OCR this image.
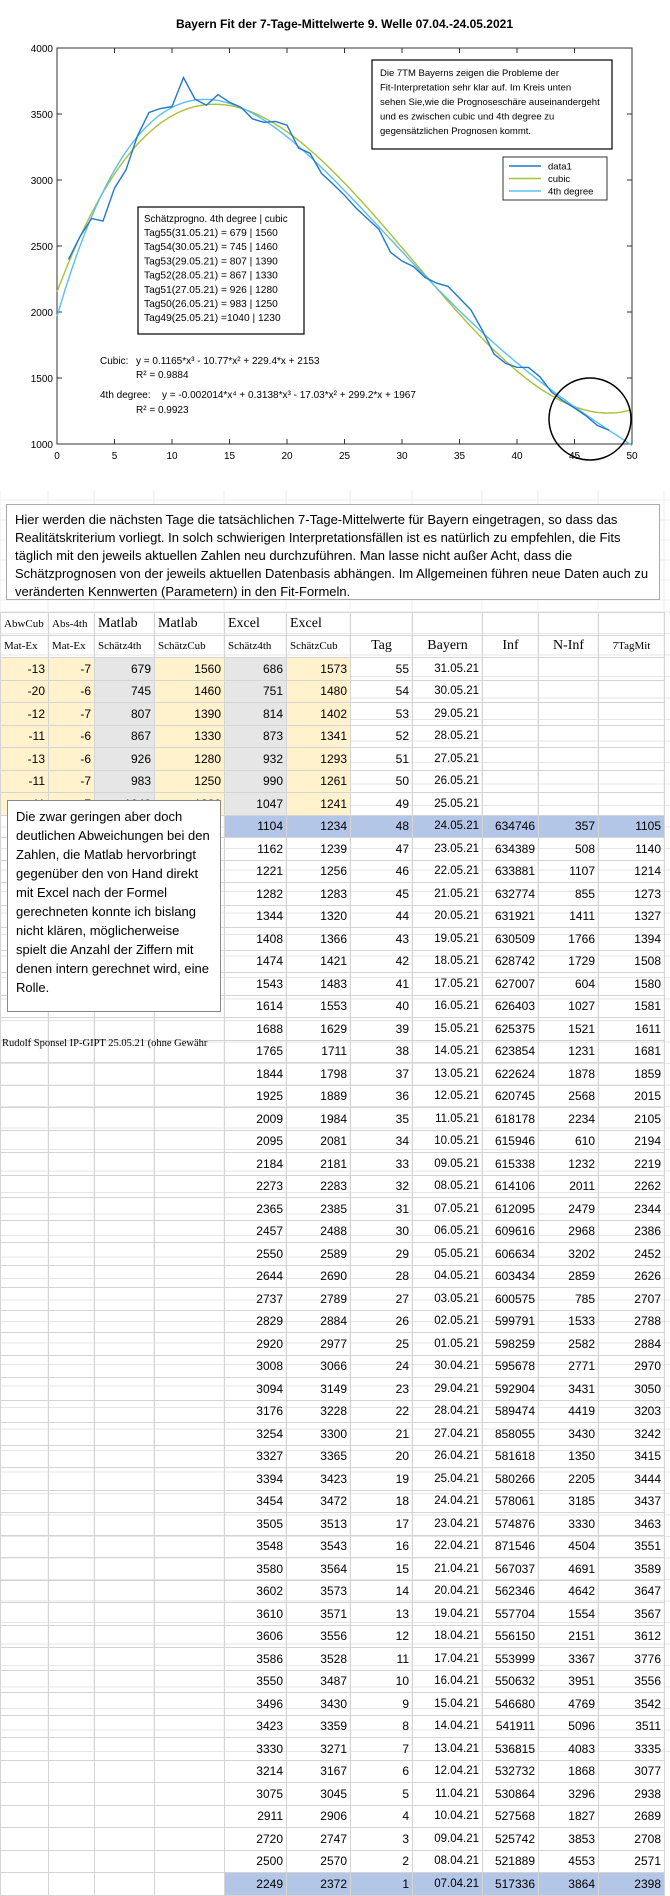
Bayern Fit der 7-Tage-Mittelwerte 9. Welle 07.04.-24.05.2021
0	5	10	15	20	25	30	35	40	45	50
1000
1500
2000
2500
3000
3500
4000
Die 7TM Bayerns zeigen die Probleme der
Fit-Interpretation sehr klar auf. Im Kreis unten
sehen Sie,wie die Prognoseschäre auseinandergeht
und es zwischen cubic und 4th degree zu
gegensätzlichen Prognosen kommt.
data1
cubic
4th degree
Schätzprogno. 4th degree | cubic
Tag55(31.05.21) = 679 | 1560
Tag54(30.05.21) = 745 | 1460
Tag53(29.05.21) = 807 | 1390
Tag52(28.05.21) = 867 | 1330
Tag51(27.05.21) = 926 | 1280
Tag50(26.05.21) = 983 | 1250
Tag49(25.05.21) =1040 | 1230
Cubic: y = 0.1165*x³ - 10.77*x² + 229.4*x + 2153
R² = 0.9884
4th degree: y = -0.002014*x⁴ + 0.3138*x³ - 17.03*x² + 299.2*x + 1967
R² = 0.9923
Hier werden die nächsten Tage die tatsächlichen 7-Tage-Mittelwerte für Bayern eingetragen, so dass das Realitätskriterium vorliegt. In solch schwierigen Interpretationsfällen ist es natürlich zu empfehlen, die Fits täglich mit den jeweils aktuellen Zahlen neu durchzuführen. Man lasse nicht außer Acht, dass die Schätzprognosen von der jeweils aktuellen Datenbasis abhängen. Im Allgemeinen führen neue Daten auch zu veränderten Kennwerten (Parametern) in den Fit-Formeln.
AbwCub	Abs-4th	Matlab	Matlab	Excel	Excel					
Mat-Ex	Mat-Ex	Schätz4th	SchätzCub	Schätz4th	SchätzCub	Tag	Bayern	Inf	N-Inf	7TagMit
-13	-7	679	1560	686	1573	55	31.05.21			
-20	-6	745	1460	751	1480	54	30.05.21			
-12	-7	807	1390	814	1402	53	29.05.21			
-11	-6	867	1330	873	1341	52	28.05.21			
-13	-6	926	1280	932	1293	51	27.05.21			
-11	-7	983	1250	990	1261	50	26.05.21			
				1047	1241	49	25.05.21			
				1104	1234	48	24.05.21	634746	357	1105
				1162	1239	47	23.05.21	634389	508	1140
				1221	1256	46	22.05.21	633881	1107	1214
				1282	1283	45	21.05.21	632774	855	1273
				1344	1320	44	20.05.21	631921	1411	1327
				1408	1366	43	19.05.21	630509	1766	1394
				1474	1421	42	18.05.21	628742	1729	1508
				1543	1483	41	17.05.21	627007	604	1580
				1614	1553	40	16.05.21	626403	1027	1581
				1688	1629	39	15.05.21	625375	1521	1611
				1765	1711	38	14.05.21	623854	1231	1681
				1844	1798	37	13.05.21	622624	1878	1859
				1925	1889	36	12.05.21	620745	2568	2015
				2009	1984	35	11.05.21	618178	2234	2105
				2095	2081	34	10.05.21	615946	610	2194
				2184	2181	33	09.05.21	615338	1232	2219
				2273	2283	32	08.05.21	614106	2011	2262
				2365	2385	31	07.05.21	612095	2479	2344
				2457	2488	30	06.05.21	609616	2968	2386
				2550	2589	29	05.05.21	606634	3202	2452
				2644	2690	28	04.05.21	603434	2859	2626
				2737	2789	27	03.05.21	600575	785	2707
				2829	2884	26	02.05.21	599791	1533	2788
				2920	2977	25	01.05.21	598259	2582	2884
				3008	3066	24	30.04.21	595678	2771	2970
				3094	3149	23	29.04.21	592904	3431	3050
				3176	3228	22	28.04.21	589474	4419	3203
				3254	3300	21	27.04.21	858055	3430	3242
				3327	3365	20	26.04.21	581618	1350	3415
				3394	3423	19	25.04.21	580266	2205	3444
				3454	3472	18	24.04.21	578061	3185	3437
				3505	3513	17	23.04.21	574876	3330	3463
				3548	3543	16	22.04.21	871546	4504	3551
				3580	3564	15	21.04.21	567037	4691	3589
				3602	3573	14	20.04.21	562346	4642	3647
				3610	3571	13	19.04.21	557704	1554	3567
				3606	3556	12	18.04.21	556150	2151	3612
				3586	3528	11	17.04.21	553999	3367	3776
				3550	3487	10	16.04.21	550632	3951	3556
				3496	3430	9	15.04.21	546680	4769	3542
				3423	3359	8	14.04.21	541911	5096	3511
				3330	3271	7	13.04.21	536815	4083	3335
				3214	3167	6	12.04.21	532732	1868	3077
				3075	3045	5	11.04.21	530864	3296	2938
				2911	2906	4	10.04.21	527568	1827	2689
				2720	2747	3	09.04.21	525742	3853	2708
				2500	2570	2	08.04.21	521889	4553	2571
				2249	2372	1	07.04.21	517336	3864	2398
Die zwar geringen aber doch deutlichen Abweichungen bei den Zahlen, die Matlab hervorbringt gegenüber den von Hand direkt mit Excel nach der Formel gerechneten konnte ich bislang nicht klären, möglicherweise spielt die Anzahl der Ziffern mit denen intern gerechnet wird, eine Rolle.
Rudolf Sponsel IP-GIPT 25.05.21 (ohne Gewähr
